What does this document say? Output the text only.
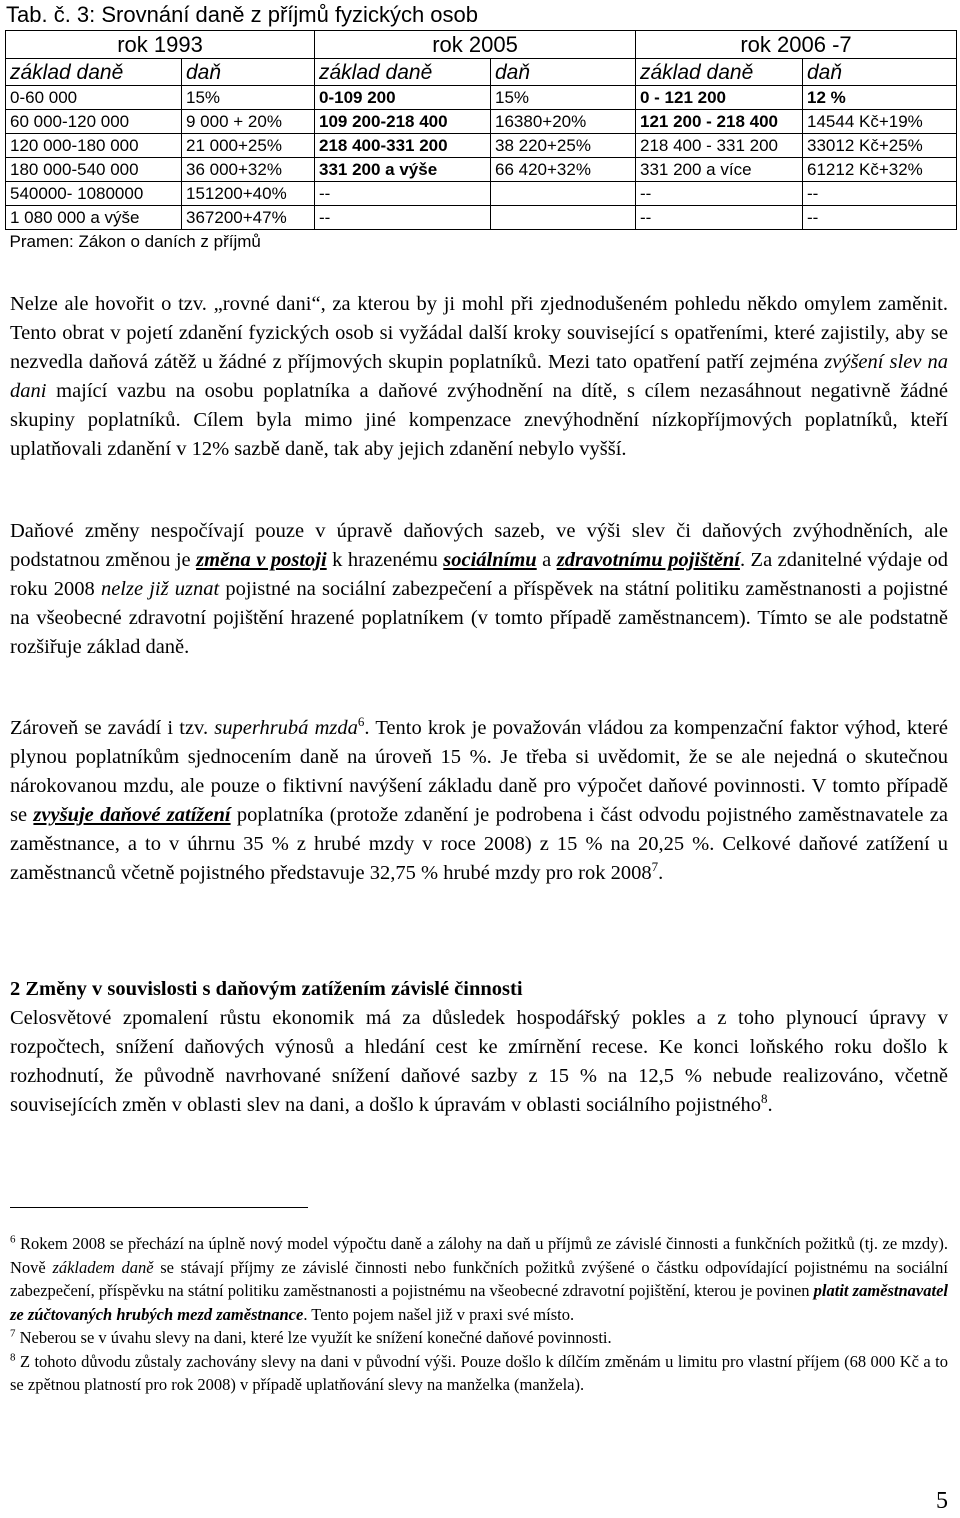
Tab. č. 3: Srovnání daně z příjmů fyzických osob
rok 1993		rok 2005		rok 2006 -7	
základ daně	daň	základ daně	daň	základ daně	daň
0-60 000	15%	0-109 200	15%	0 - 121 200	12 %
60 000-120 000	9 000 + 20%	109 200-218 400	16380+20%	121 200 - 218 400	14544 Kč+19%
120 000-180 000	21 000+25%	218 400-331 200	38 220+25%	218 400 - 331 200	33012 Kč+25%
180 000-540 000	36 000+32%	331 200 a výše	66 420+32%	331 200 a více	61212 Kč+32%
540000- 1080000	151200+40%	--		--	--
1 080 000 a výše	367200+47%	--		--	--
Pramen: Zákon o daních z příjmů					

Nelze ale hovořit o tzv. „rovné dani“, za kterou by ji mohl při zjednodušeném pohledu někdo omylem zaměnit. Tento obrat v pojetí zdanění fyzických osob si vyžádal další kroky související s opatřeními, které zajistily, aby se nezvedla daňová zátěž u žádné z příjmových skupin poplatníků. Mezi tato opatření patří zejména zvýšení slev na dani mající vazbu na osobu poplatníka a daňové zvýhodnění na dítě, s cílem nezasáhnout negativně žádné skupiny poplatníků. Cílem byla mimo jiné kompenzace znevýhodnění nízkopříjmových poplatníků, kteří uplatňovali zdanění v 12% sazbě daně, tak aby jejich zdanění nebylo vyšší.

Daňové změny nespočívají pouze v úpravě daňových sazeb, ve výši slev či daňových zvýhodněních, ale podstatnou změnou je změna v postoji k hrazenému sociálnímu a zdravotnímu pojištění. Za zdanitelné výdaje od roku 2008 nelze již uznat pojistné na sociální zabezpečení a příspěvek na státní politiku zaměstnanosti a pojistné na všeobecné zdravotní pojištění hrazené poplatníkem (v tomto případě zaměstnancem). Tímto se ale podstatně rozšiřuje základ daně.

Zároveň se zavádí i tzv. superhrubá mzda$^6$. Tento krok je považován vládou za kompenzační faktor výhod, které plynou poplatníkům sjednocením daně na úroveň 15 %. Je třeba si uvědomit, že se ale nejedná o skutečnou nárokovanou mzdu, ale pouze o fiktivní navýšení základu daně pro výpočet daňové povinnosti. V tomto případě se zvyšuje daňové zatížení poplatníka (protože zdanění je podrobena i část odvodu pojistného zaměstnavatele za zaměstnance, a to v úhrnu 35 % z hrubé mzdy v roce 2008) z 15 % na 20,25 %. Celkové daňové zatížení u zaměstnanců včetně pojistného představuje 32,75 % hrubé mzdy pro rok 2008$^7$.

2 Změny v souvislosti s daňovým zatížením závislé činnosti

Celosvětové zpomalení růstu ekonomik má za důsledek hospodářský pokles a z toho plynoucí úpravy v rozpočtech, snížení daňových výnosů a hledání cest ke zmírnění recese. Ke konci loňského roku došlo k rozhodnutí, že původně navrhované snížení daňové sazby z 15 % na 12,5 % nebude realizováno, včetně souvisejících změn v oblasti slev na dani, a došlo k úpravám v oblasti sociálního pojistného$^8$.

$^6$ Rokem 2008 se přechází na úplně nový model výpočtu daně a zálohy na daň u příjmů ze závislé činnosti a funkčních požitků (tj. ze mzdy). Nově základem daně se stávají příjmy ze závislé činnosti nebo funkčních požitků zvýšené o částku odpovídající pojistnému na sociální zabezpečení, příspěvku na státní politiku zaměstnanosti a pojistnému na všeobecné zdravotní pojištění, kterou je povinen platit zaměstnavatel ze zúčtovaných hrubých mezd zaměstnance. Tento pojem našel již v praxi své místo.

$^7$ Neberou se v úvahu slevy na dani, které lze využít ke snížení konečné daňové povinnosti.

$^8$ Z tohoto důvodu zůstaly zachovány slevy na dani v původní výši. Pouze došlo k dílčím změnám u limitu pro vlastní příjem (68 000 Kč a to se zpětnou platností pro rok 2008) v případě uplatňování slevy na manželka (manžela).

5
